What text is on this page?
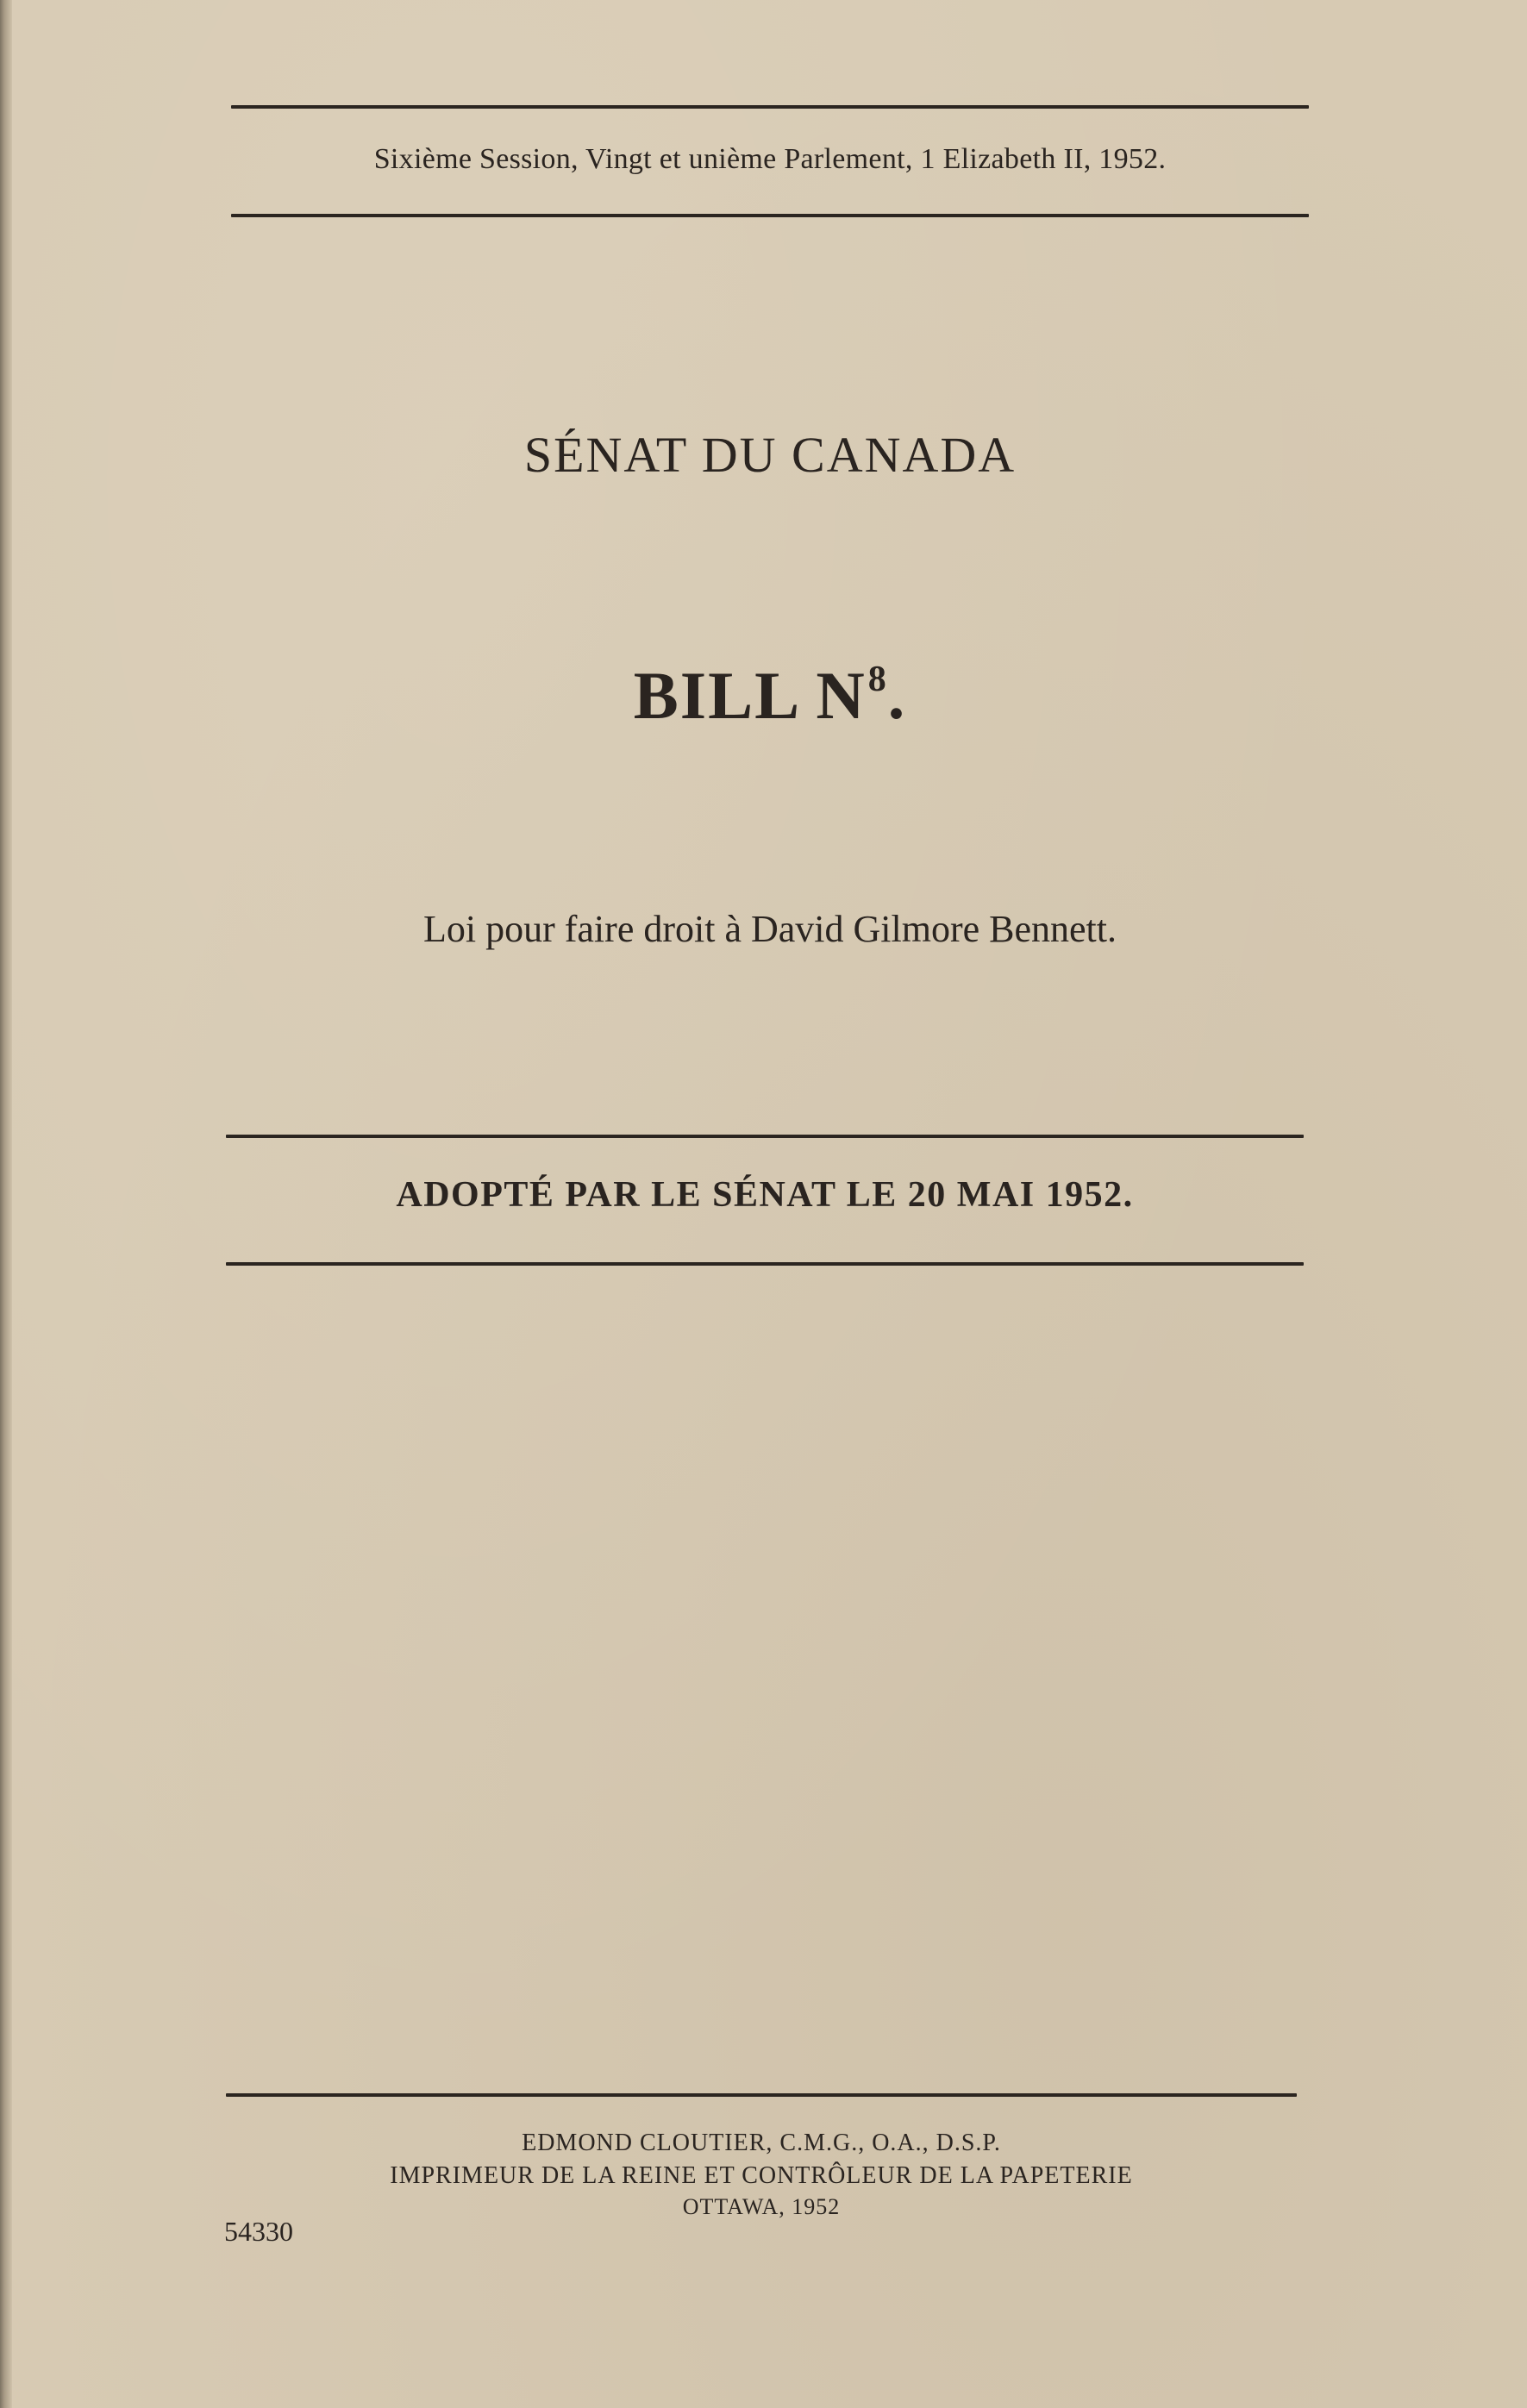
Sixième Session, Vingt et unième Parlement, 1 Elizabeth II, 1952.
SÉNAT DU CANADA
BILL $N^8$.
Loi pour faire droit à David Gilmore Bennett.
ADOPTÉ PAR LE SÉNAT LE 20 MAI 1952.
EDMOND CLOUTIER, C.M.G., O.A., D.S.P.
IMPRIMEUR DE LA REINE ET CONTRÔLEUR DE LA PAPETERIE
OTTAWA, 1952
54330
